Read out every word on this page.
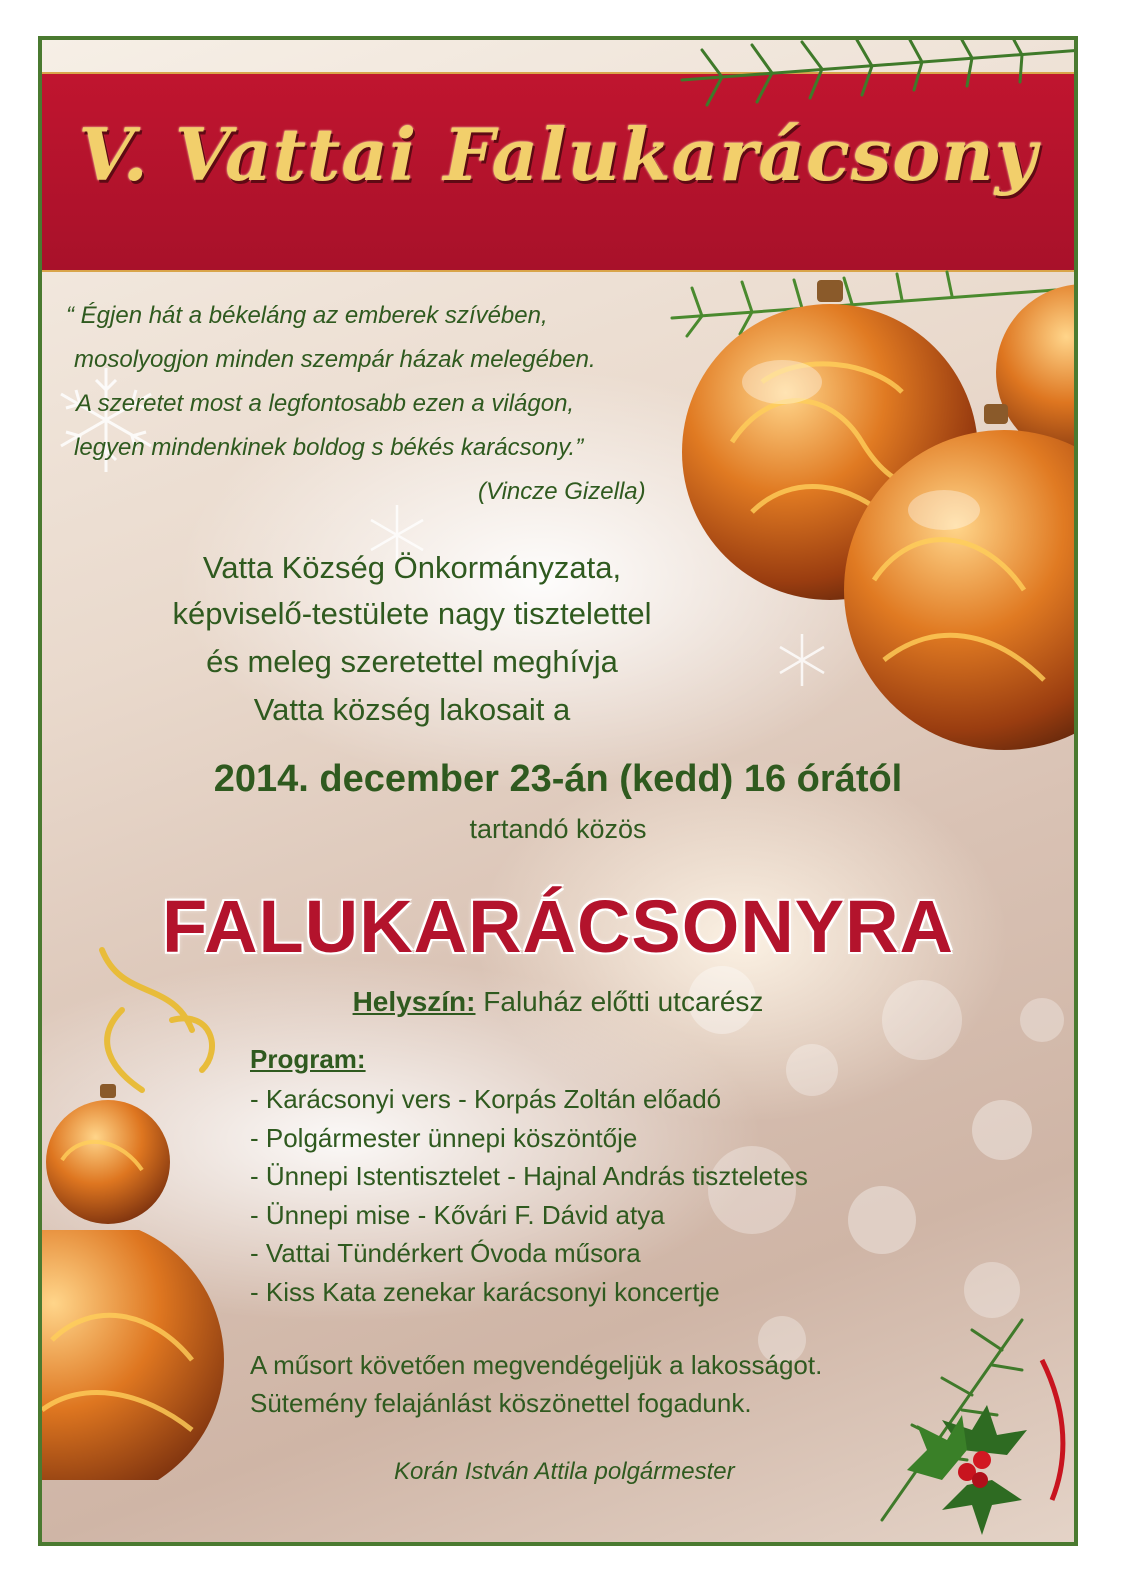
V. Vattai Falukarácsony
“ Égjen hát a békeláng az emberek szívében,
mosolyogjon minden szempár házak melegében.
A szeretet most a legfontosabb ezen a világon,
legyen mindenkinek boldog s békés karácsony.”
(Vincze Gizella)
Vatta Község Önkormányzata,
képviselő-testülete nagy tisztelettel
és meleg szeretettel meghívja
Vatta község lakosait a
2014. december 23-án (kedd) 16 órától
tartandó közös
FALUKARÁCSONYRA
Helyszín: Faluház előtti utcarész
Program:
- Karácsonyi vers - Korpás Zoltán előadó
- Polgármester ünnepi köszöntője
- Ünnepi Istentisztelet - Hajnal András tiszteletes
- Ünnepi mise - Kővári F. Dávid atya
- Vattai Tündérkert Óvoda műsora
- Kiss Kata zenekar karácsonyi koncertje
A műsort követően megvendégeljük a lakosságot.
Sütemény felajánlást köszönettel fogadunk.
Korán István Attila polgármester
